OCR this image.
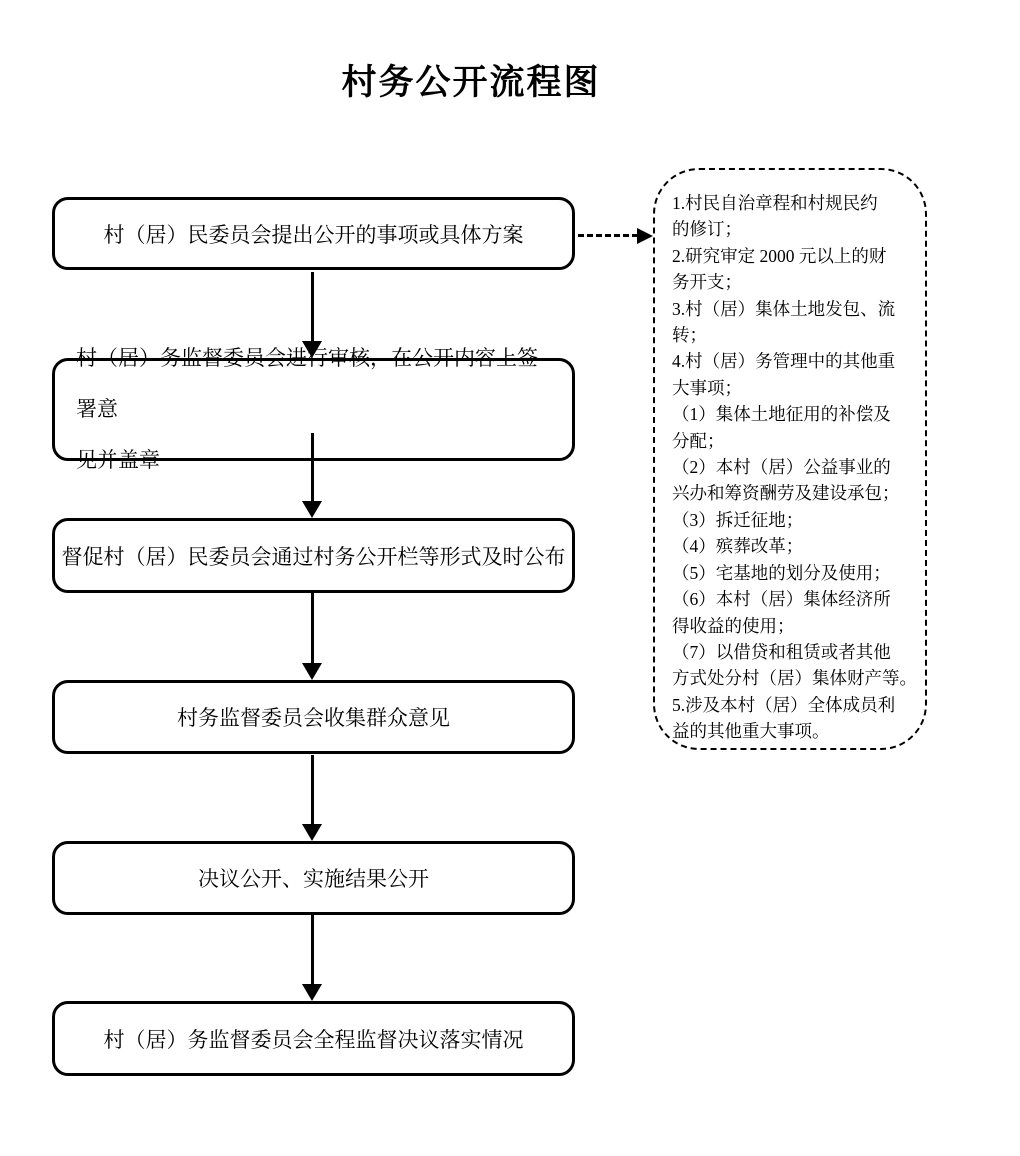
村务公开流程图
村（居）民委员会提出公开的事项或具体方案
村（居）务监督委员会进行审核，在公开内容上签署意
见并盖章
督促村（居）民委员会通过村务公开栏等形式及时公布
村务监督委员会收集群众意见
决议公开、实施结果公开
村（居）务监督委员会全程监督决议落实情况
1.村民自治章程和村规民约
的修订；
2.研究审定 2000 元以上的财
务开支；
3.村（居）集体土地发包、流
转；
4.村（居）务管理中的其他重
大事项；
（1）集体土地征用的补偿及
分配；
（2）本村（居）公益事业的
兴办和筹资酬劳及建设承包；
（3）拆迁征地；
（4）殡葬改革；
（5）宅基地的划分及使用；
（6）本村（居）集体经济所
得收益的使用；
（7）以借贷和租赁或者其他
方式处分村（居）集体财产等。
5.涉及本村（居）全体成员利
益的其他重大事项。
